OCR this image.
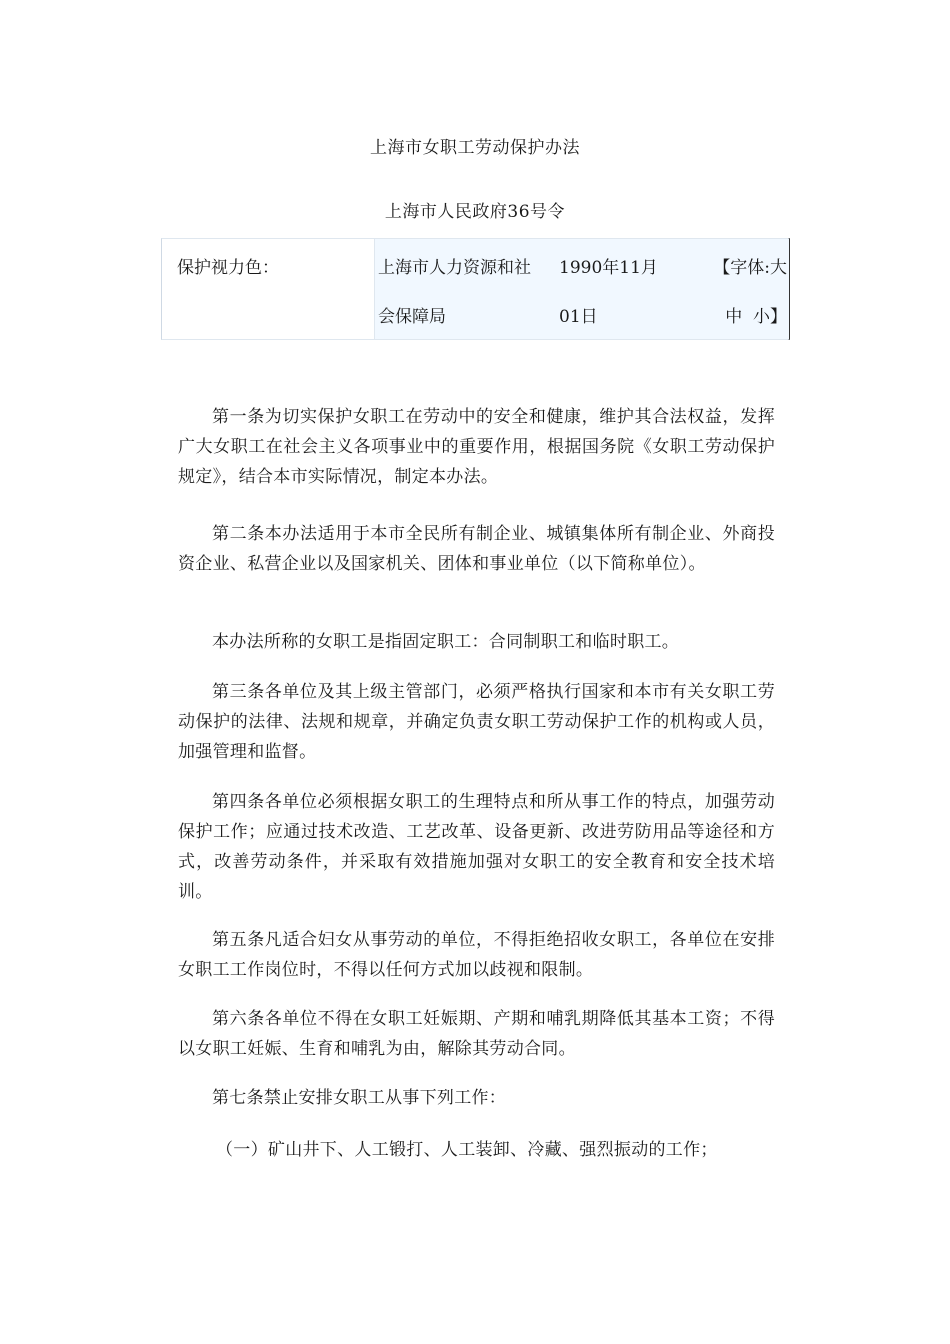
上海市女职工劳动保护办法
上海市人民政府36号令
保护视力色：	上海市人力资源和社
会保障局
1990年11月
01日
【字体:大
中 小】

第一条为切实保护女职工在劳动中的安全和健康，维护其合法权益，发挥广大女职工在社会主义各项事业中的重要作用，根据国务院《女职工劳动保护规定》，结合本市实际情况，制定本办法。

第二条本办法适用于本市全民所有制企业、城镇集体所有制企业、外商投资企业、私营企业以及国家机关、团体和事业单位（以下简称单位）。

本办法所称的女职工是指固定职工：合同制职工和临时职工。

第三条各单位及其上级主管部门，必须严格执行国家和本市有关女职工劳动保护的法律、法规和规章，并确定负责女职工劳动保护工作的机构或人员，加强管理和监督。

第四条各单位必须根据女职工的生理特点和所从事工作的特点，加强劳动保护工作；应通过技术改造、工艺改革、设备更新、改进劳防用品等途径和方式，改善劳动条件，并采取有效措施加强对女职工的安全教育和安全技术培训。

第五条凡适合妇女从事劳动的单位，不得拒绝招收女职工，各单位在安排女职工工作岗位时，不得以任何方式加以歧视和限制。

第六条各单位不得在女职工妊娠期、产期和哺乳期降低其基本工资；不得以女职工妊娠、生育和哺乳为由，解除其劳动合同。

第七条禁止安排女职工从事下列工作：

（一）矿山井下、人工锻打、人工装卸、冷藏、强烈振动的工作；
